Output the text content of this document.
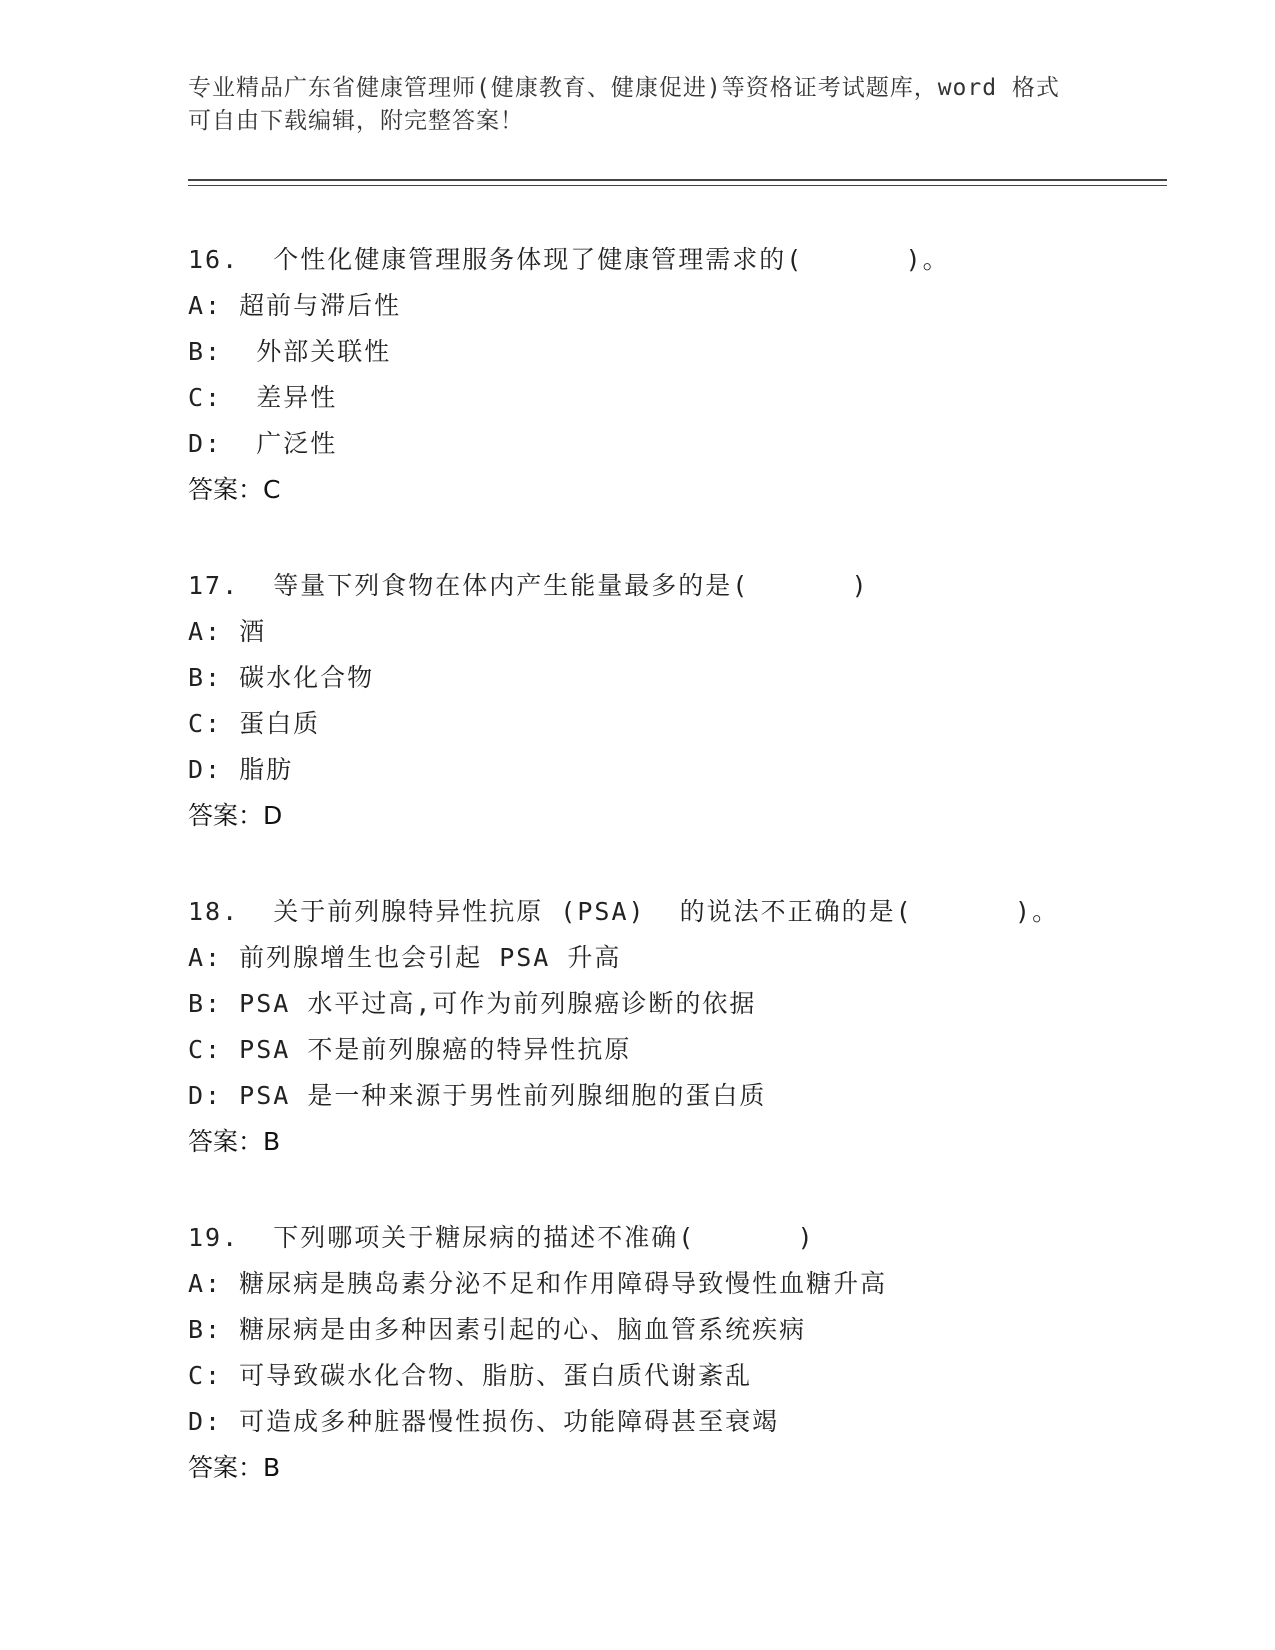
专业精品广东省健康管理师(健康教育、健康促进)等资格证考试题库，word 格式
可自由下载编辑，附完整答案！
16.  个性化健康管理服务体现了健康管理需求的(      )。
A: 超前与滞后性
B:  外部关联性
C:  差异性
D:  广泛性
答案：C
17.  等量下列食物在体内产生能量最多的是(      )
A: 酒
B: 碳水化合物
C: 蛋白质
D: 脂肪
答案：D
18.  关于前列腺特异性抗原 (PSA)  的说法不正确的是(      )。
A: 前列腺增生也会引起 PSA 升高
B: PSA 水平过高,可作为前列腺癌诊断的依据
C: PSA 不是前列腺癌的特异性抗原
D: PSA 是一种来源于男性前列腺细胞的蛋白质
答案：B
19.  下列哪项关于糖尿病的描述不准确(      )
A: 糖尿病是胰岛素分泌不足和作用障碍导致慢性血糖升高
B: 糖尿病是由多种因素引起的心、脑血管系统疾病
C: 可导致碳水化合物、脂肪、蛋白质代谢紊乱
D: 可造成多种脏器慢性损伤、功能障碍甚至衰竭
答案：B
